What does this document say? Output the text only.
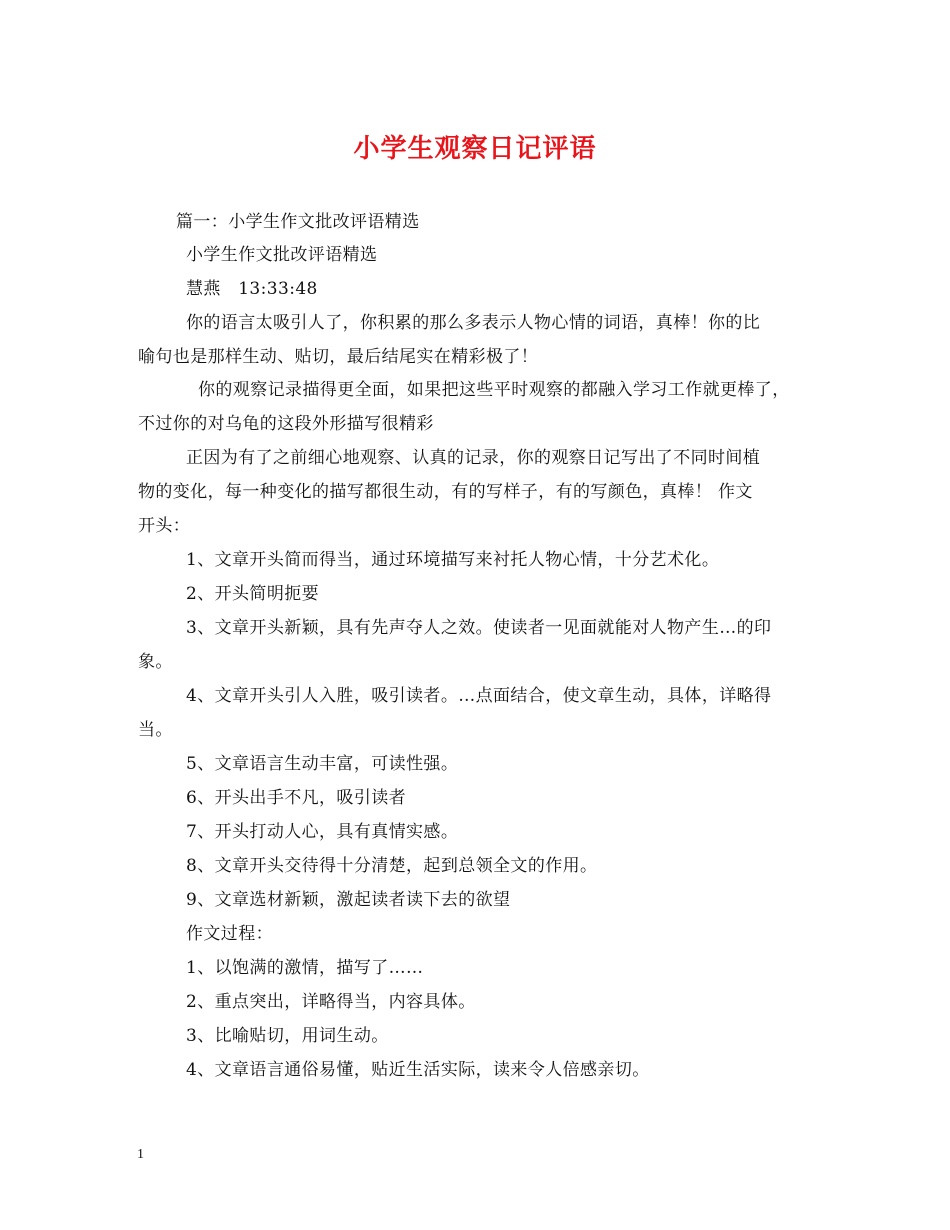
小学生观察日记评语
篇一：小学生作文批改评语精选
小学生作文批改评语精选
慧燕　13:33:48
你的语言太吸引人了，你积累的那么多表示人物心情的词语，真棒！你的比
喻句也是那样生动、贴切，最后结尾实在精彩极了！
你的观察记录描得更全面，如果把这些平时观察的都融入学习工作就更棒了，
不过你的对乌龟的这段外形描写很精彩
正因为有了之前细心地观察、认真的记录，你的观察日记写出了不同时间植
物的变化，每一种变化的描写都很生动，有的写样子，有的写颜色，真棒！ 作文
开头：
1、文章开头简而得当，通过环境描写来衬托人物心情，十分艺术化。
2、开头简明扼要
3、文章开头新颖，具有先声夺人之效。使读者一见面就能对人物产生…的印
象。
4、文章开头引人入胜，吸引读者。…点面结合，使文章生动，具体，详略得
当。
5、文章语言生动丰富，可读性强。
6、开头出手不凡，吸引读者
7、开头打动人心，具有真情实感。
8、文章开头交待得十分清楚，起到总领全文的作用。
9、文章选材新颖，激起读者读下去的欲望
作文过程：
1、以饱满的激情，描写了……
2、重点突出，详略得当，内容具体。
3、比喻贴切，用词生动。
4、文章语言通俗易懂，贴近生活实际，读来令人倍感亲切。
1
